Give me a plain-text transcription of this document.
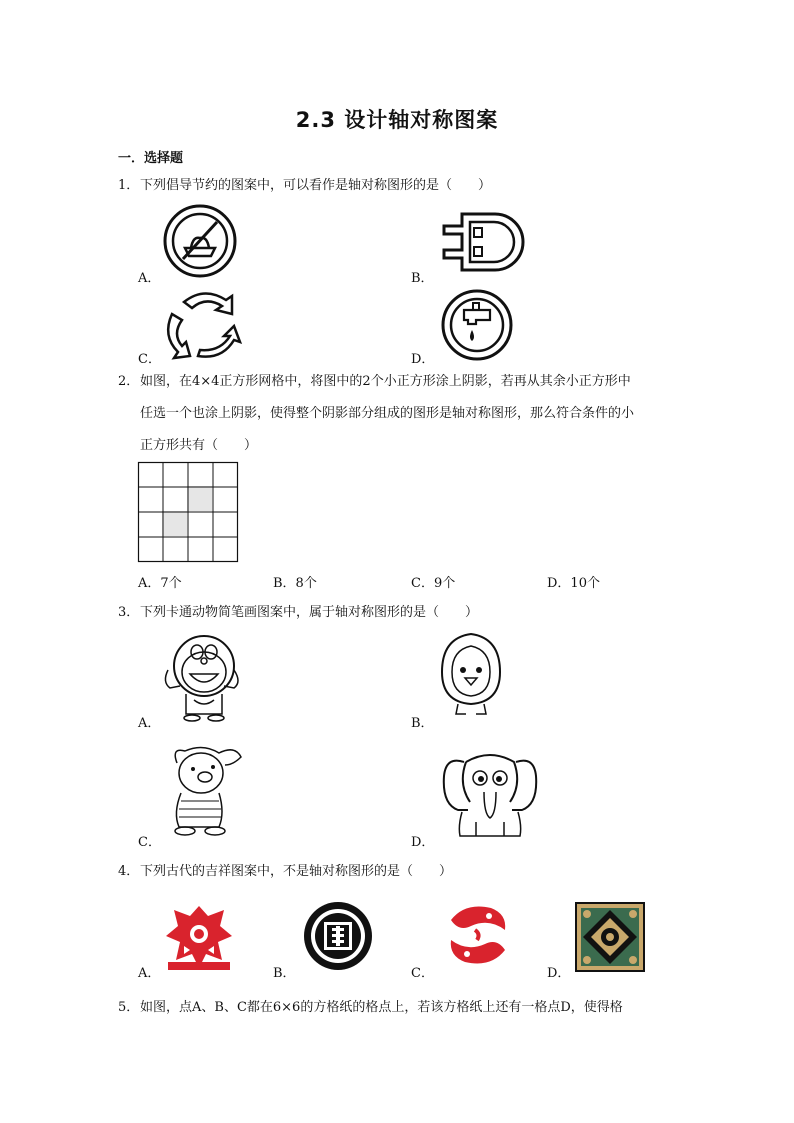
2.3 设计轴对称图案
一．选择题
1． 下列倡导节约的图案中，可以看作是轴对称图形的是（　　）
A．	B．
C．	D．
2． 如图，在4×4正方形网格中，将图中的2个小正方形涂上阴影，若再从其余小正方形中
任选一个也涂上阴影，使得整个阴影部分组成的图形是轴对称图形，那么符合条件的小
正方形共有（　　）
A．7个	B．8个	C．9个	D．10个
3． 下列卡通动物简笔画图案中，属于轴对称图形的是（　　）
A．	B．
C．	D．
4． 下列古代的吉祥图案中，不是轴对称图形的是（　　）
A．	B．	C．	D．
5． 如图，点A、B、C都在6×6的方格纸的格点上，若该方格纸上还有一格点D，使得格
